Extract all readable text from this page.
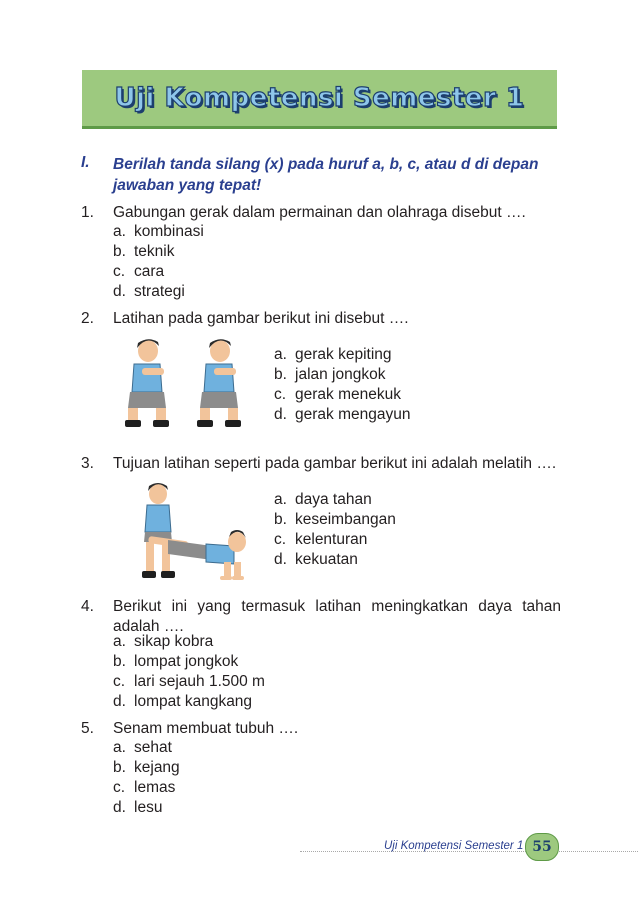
Uji Kompetensi Semester 1
I. Berilah tanda silang (x) pada huruf a, b, c, atau d di depan jawaban yang tepat!
1. Gabungan gerak dalam permainan dan olahraga disebut ….
a. kombinasi
b. teknik
c. cara
d. strategi
2. Latihan pada gambar berikut ini disebut ….
a. gerak kepiting
b. jalan jongkok
c. gerak menekuk
d. gerak mengayun
3. Tujuan latihan seperti pada gambar berikut ini adalah melatih ….
a. daya tahan
b. keseimbangan
c. kelenturan
d. kekuatan
4. Berikut ini yang termasuk latihan meningkatkan daya tahan adalah ….
a. sikap kobra
b. lompat jongkok
c. lari sejauh 1.500 m
d. lompat kangkang
5. Senam membuat tubuh ….
a. sehat
b. kejang
c. lemas
d. lesu
Uji Kompetensi Semester 1 55
